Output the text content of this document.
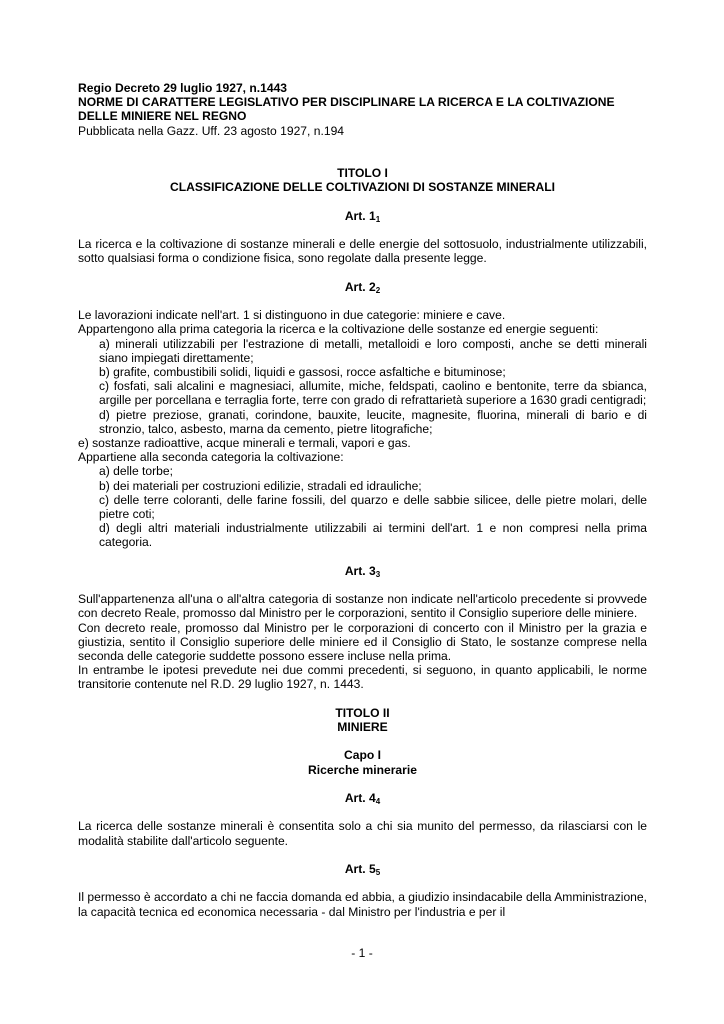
Regio Decreto 29 luglio 1927, n.1443
NORME DI CARATTERE LEGISLATIVO PER DISCIPLINARE LA RICERCA E LA COLTIVAZIONE
DELLE MINIERE NEL REGNO
Pubblicata nella Gazz. Uff. 23 agosto 1927, n.194
TITOLO I
CLASSIFICAZIONE DELLE COLTIVAZIONI DI SOSTANZE MINERALI
Art. $1_1$
La ricerca e la coltivazione di sostanze minerali e delle energie del sottosuolo, industrialmente utilizzabili, sotto qualsiasi forma o condizione fisica, sono regolate dalla presente legge.
Art. $2_2$
Le lavorazioni indicate nell'art. 1 si distinguono in due categorie: miniere e cave.
Appartengono alla prima categoria la ricerca e la coltivazione delle sostanze ed energie seguenti:
a) minerali utilizzabili per l'estrazione di metalli, metalloidi e loro composti, anche se detti minerali siano impiegati direttamente;
b) grafite, combustibili solidi, liquidi e gassosi, rocce asfaltiche e bituminose;
c) fosfati, sali alcalini e magnesiaci, allumite, miche, feldspati, caolino e bentonite, terre da sbianca, argille per porcellana e terraglia forte, terre con grado di refrattarietà superiore a 1630 gradi centigradi;
d) pietre preziose, granati, corindone, bauxite, leucite, magnesite, fluorina, minerali di bario e di stronzio, talco, asbesto, marna da cemento, pietre litografiche;
e) sostanze radioattive, acque minerali e termali, vapori e gas.
Appartiene alla seconda categoria la coltivazione:
a) delle torbe;
b) dei materiali per costruzioni edilizie, stradali ed idrauliche;
c) delle terre coloranti, delle farine fossili, del quarzo e delle sabbie silicee, delle pietre molari, delle pietre coti;
d) degli altri materiali industrialmente utilizzabili ai termini dell'art. 1 e non compresi nella prima categoria.
Art. $3_3$
Sull'appartenenza all'una o all'altra categoria di sostanze non indicate nell'articolo precedente si provvede con decreto Reale, promosso dal Ministro per le corporazioni, sentito il Consiglio superiore delle miniere.
Con decreto reale, promosso dal Ministro per le corporazioni di concerto con il Ministro per la grazia e giustizia, sentito il Consiglio superiore delle miniere ed il Consiglio di Stato, le sostanze comprese nella seconda delle categorie suddette possono essere incluse nella prima.
In entrambe le ipotesi prevedute nei due commi precedenti, si seguono, in quanto applicabili, le norme transitorie contenute nel R.D. 29 luglio 1927, n. 1443.
TITOLO II
MINIERE
Capo I
Ricerche minerarie
Art. $4_4$
La ricerca delle sostanze minerali è consentita solo a chi sia munito del permesso, da rilasciarsi con le modalità stabilite dall'articolo seguente.
Art. $5_5$
Il permesso è accordato a chi ne faccia domanda ed abbia, a giudizio insindacabile della Amministrazione, la capacità tecnica ed economica necessaria - dal Ministro per l'industria e per il
- 1 -
